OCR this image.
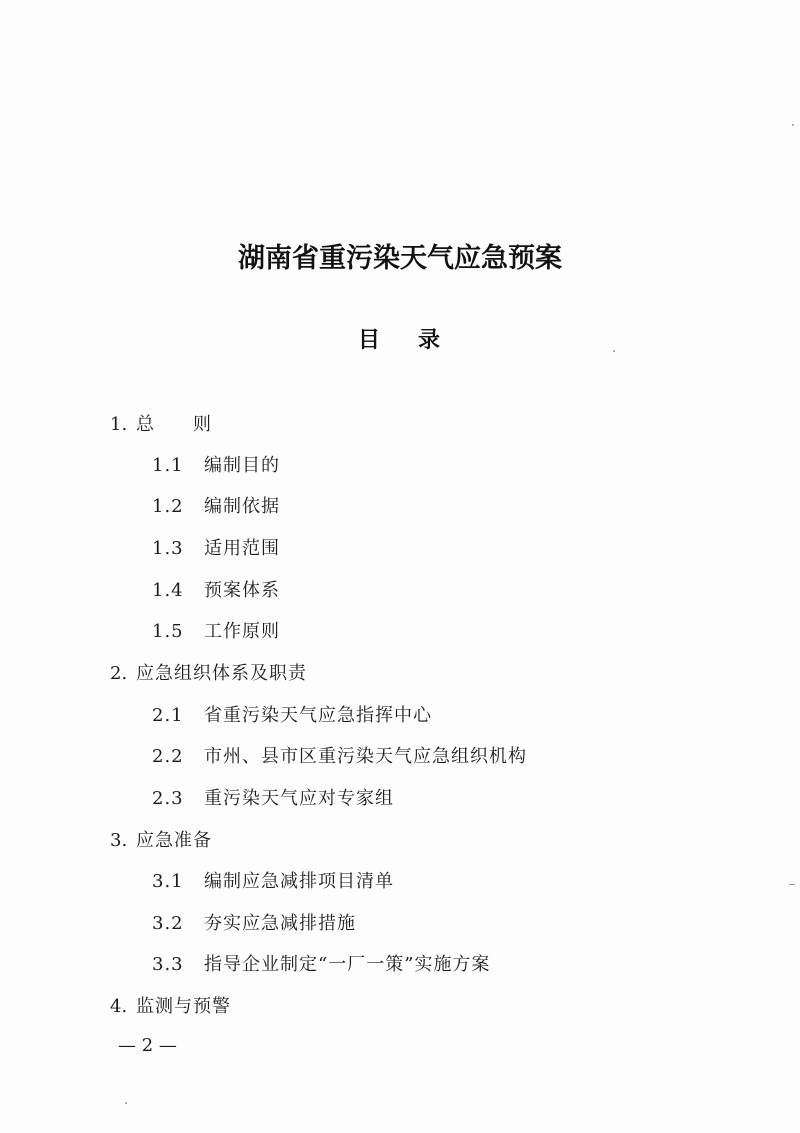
湖南省重污染天气应急预案
目 录
1. 总　　则
1.1 编制目的
1.2 编制依据
1.3 适用范围
1.4 预案体系
1.5 工作原则
2. 应急组织体系及职责
2.1 省重污染天气应急指挥中心
2.2 市州、县市区重污染天气应急组织机构
2.3 重污染天气应对专家组
3. 应急准备
3.1 编制应急减排项目清单
3.2 夯实应急减排措施
3.3 指导企业制定“一厂一策”实施方案
4. 监测与预警
— 2 —
